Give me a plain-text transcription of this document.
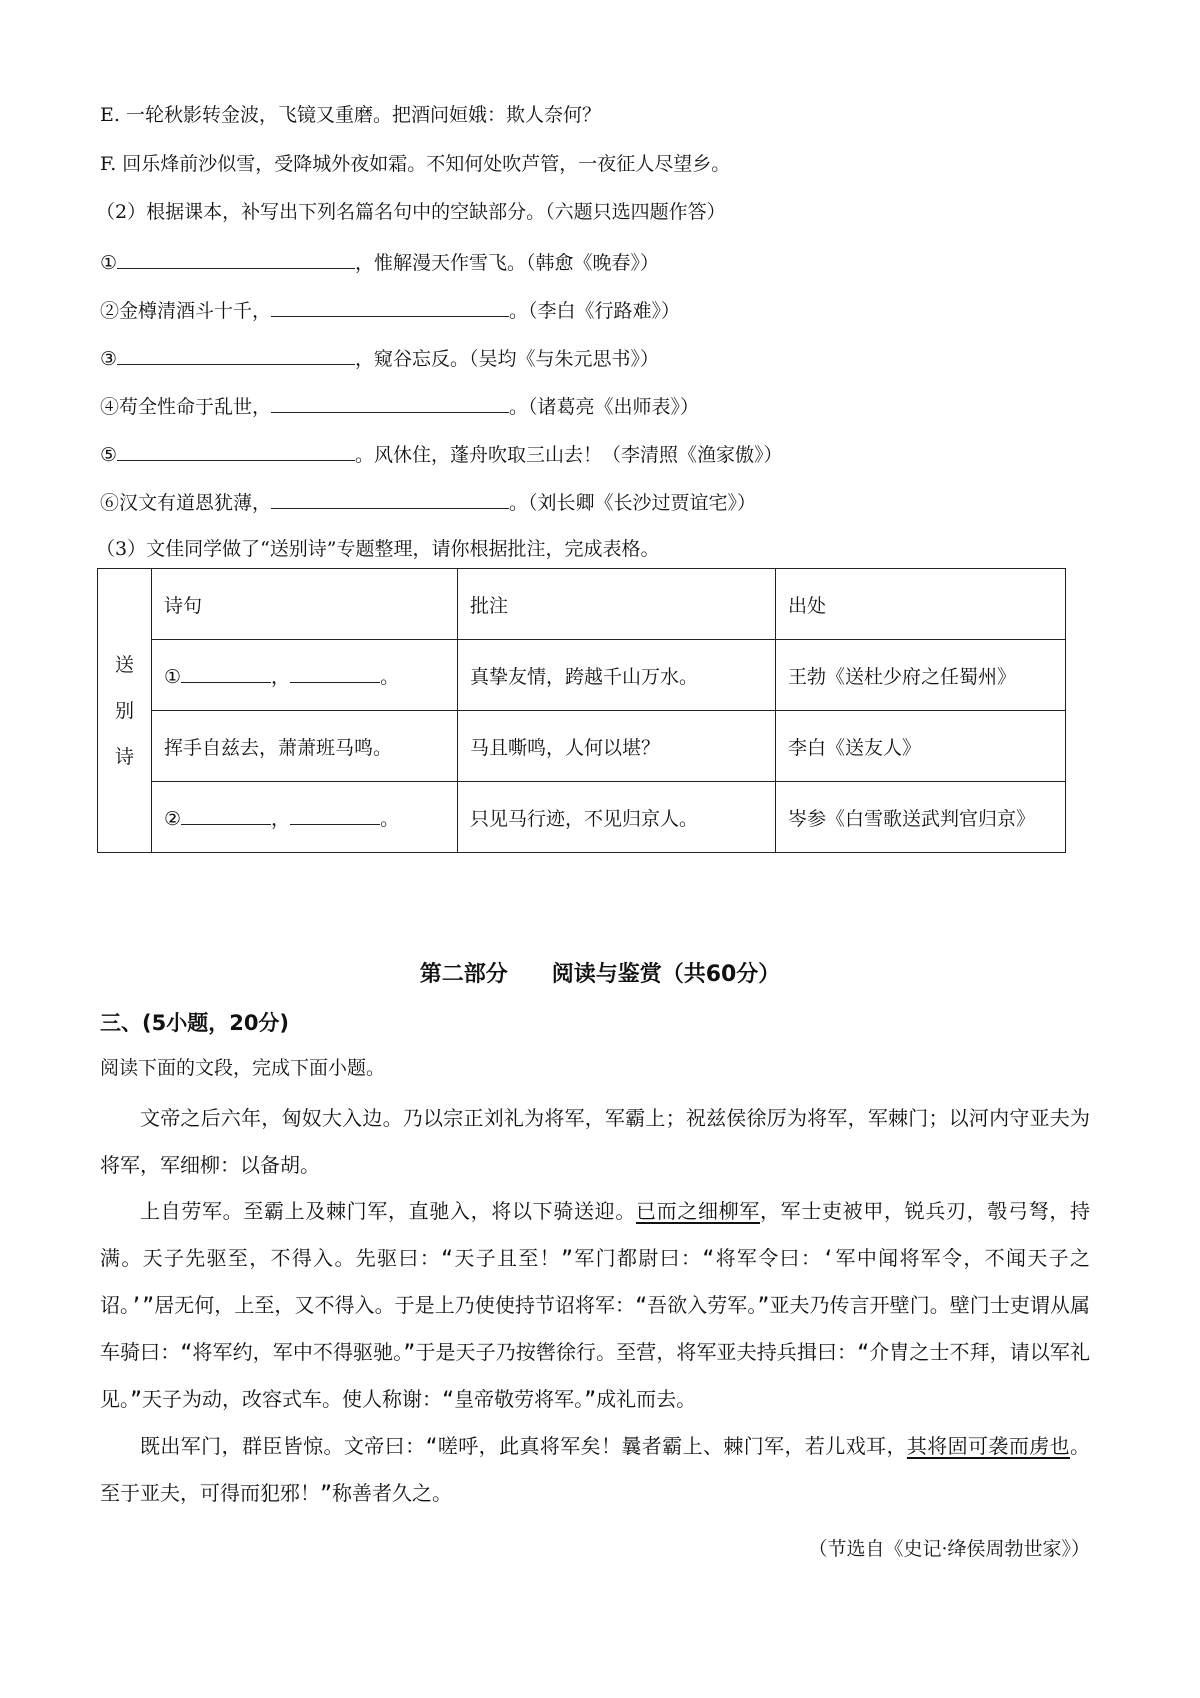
E. 一轮秋影转金波，飞镜又重磨。把酒问姮娥：欺人奈何？
F. 回乐烽前沙似雪，受降城外夜如霜。不知何处吹芦管，一夜征人尽望乡。
（2）根据课本，补写出下列名篇名句中的空缺部分。（六题只选四题作答）
①	，惟解漫天作雪飞。（韩愈《晚春》）
②金樽清酒斗十千，	。（李白《行路难》）
③	，窥谷忘反。（吴均《与朱元思书》）
④苟全性命于乱世，	。（诸葛亮《出师表》）
⑤	。风休住，蓬舟吹取三山去！（李清照《渔家傲》）
⑥汉文有道恩犹薄，	。（刘长卿《长沙过贾谊宅》）
（3）文佳同学做了“送别诗”专题整理，请你根据批注，完成表格。
送
别
诗	诗句	批注	出处
	① ， 。	真挚友情，跨越千山万水。	王勃《送杜少府之任蜀州》
	挥手自兹去，萧萧班马鸣。	马且嘶鸣，人何以堪？	李白《送友人》
	② ， 。	只见马行迹，不见归京人。	岑参《白雪歌送武判官归京》
第二部分　　阅读与鉴赏（共60分）
三、(5小题，20分)
阅读下面的文段，完成下面小题。
文帝之后六年，匈奴大入边。乃以宗正刘礼为将军，军霸上；祝兹侯徐厉为将军，军棘门；以河内守亚夫为将军，军细柳：以备胡。
上自劳军。至霸上及棘门军，直驰入，将以下骑送迎。已而之细柳军，军士吏被甲，锐兵刃，彀弓弩，持满。天子先驱至，不得入。先驱曰：“天子且至！”军门都尉曰：“将军令曰：‘军中闻将军令，不闻天子之诏。’”居无何，上至，又不得入。于是上乃使使持节诏将军：“吾欲入劳军。”亚夫乃传言开壁门。壁门士吏谓从属车骑曰：“将军约，军中不得驱驰。”于是天子乃按辔徐行。至营，将军亚夫持兵揖曰：“介胄之士不拜，请以军礼见。”天子为动，改容式车。使人称谢：“皇帝敬劳将军。”成礼而去。
既出军门，群臣皆惊。文帝曰：“嗟呼，此真将军矣！曩者霸上、棘门军，若儿戏耳，其将固可袭而虏也。至于亚夫，可得而犯邪！”称善者久之。
（节选自《史记·绛侯周勃世家》）
